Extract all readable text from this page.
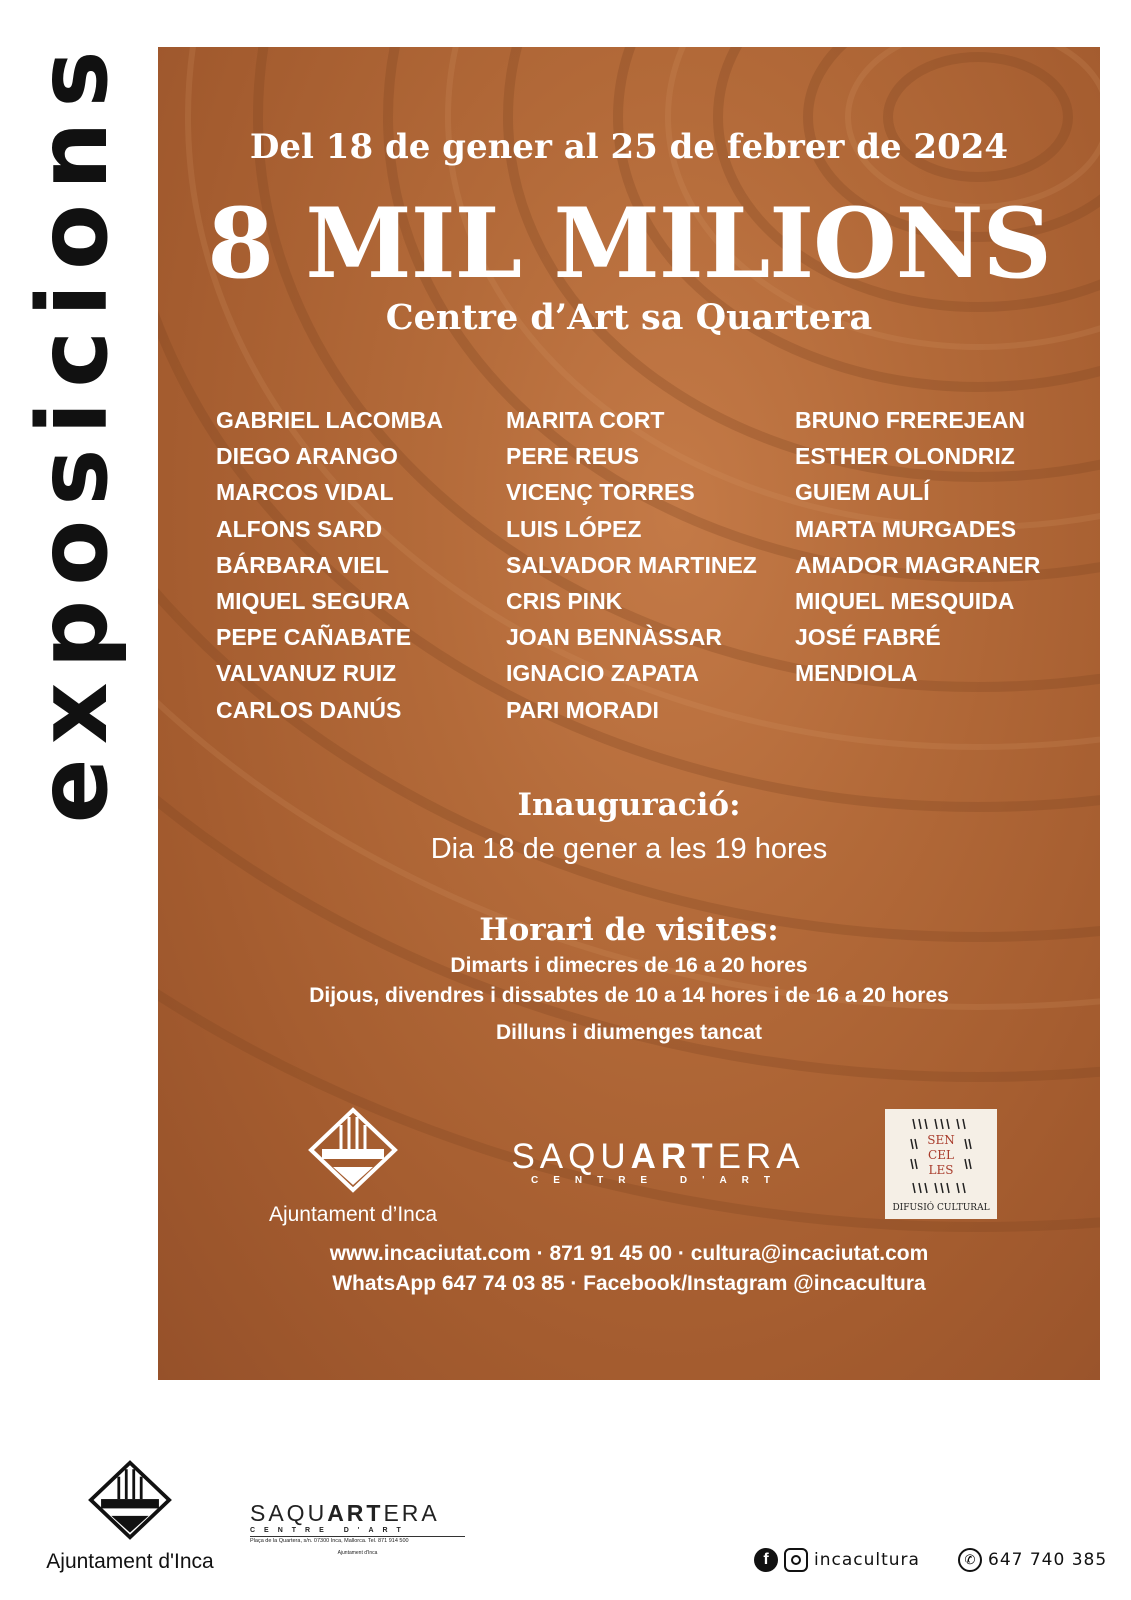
exposicions	Del 18 de gener al 25 de febrer de 2024
8 MIL MILIONS
Centre d’Art sa Quartera
GABRIEL LACOMBA
DIEGO ARANGO
MARCOS VIDAL
ALFONS SARD
BÁRBARA VIEL
MIQUEL SEGURA
PEPE CAÑABATE
VALVANUZ RUIZ
CARLOS DANÚS
MARITA CORT
PERE REUS
VICENÇ TORRES
LUIS LÓPEZ
SALVADOR MARTINEZ
CRIS PINK
JOAN BENNÀSSAR
IGNACIO ZAPATA
PARI MORADI
BRUNO FREREJEAN
ESTHER OLONDRIZ
GUIEM AULÍ
MARTA MURGADES
AMADOR MAGRANER
MIQUEL MESQUIDA
JOSÉ FABRÉ
MENDIOLA
Inauguració:
Dia 18 de gener a les 19 hores
Horari de visites:
Dimarts i dimecres de 16 a 20 hores
Dijous, divendres i dissabtes de 10 a 14 hores i de 16 a 20 hores
Dilluns i diumenges tancat
Ajuntament d’Inca
SAQUARTERA
CENTRE D'ART
SEN
CEL
LES
DIFUSIÓ CULTURAL
www.incaciutat.com · 871 91 45 00 · cultura@incaciutat.com
WhatsApp 647 74 03 85 · Facebook/Instagram @incacultura
Ajuntament d'Inca
SAQUARTERA
CENTRE D'ART
Plaça de la Quartera, s/n. 07300 Inca, Mallorca. Tel. 871 914 500
Ajuntament d'Inca	f	incacultura	✆ 647 740 385
